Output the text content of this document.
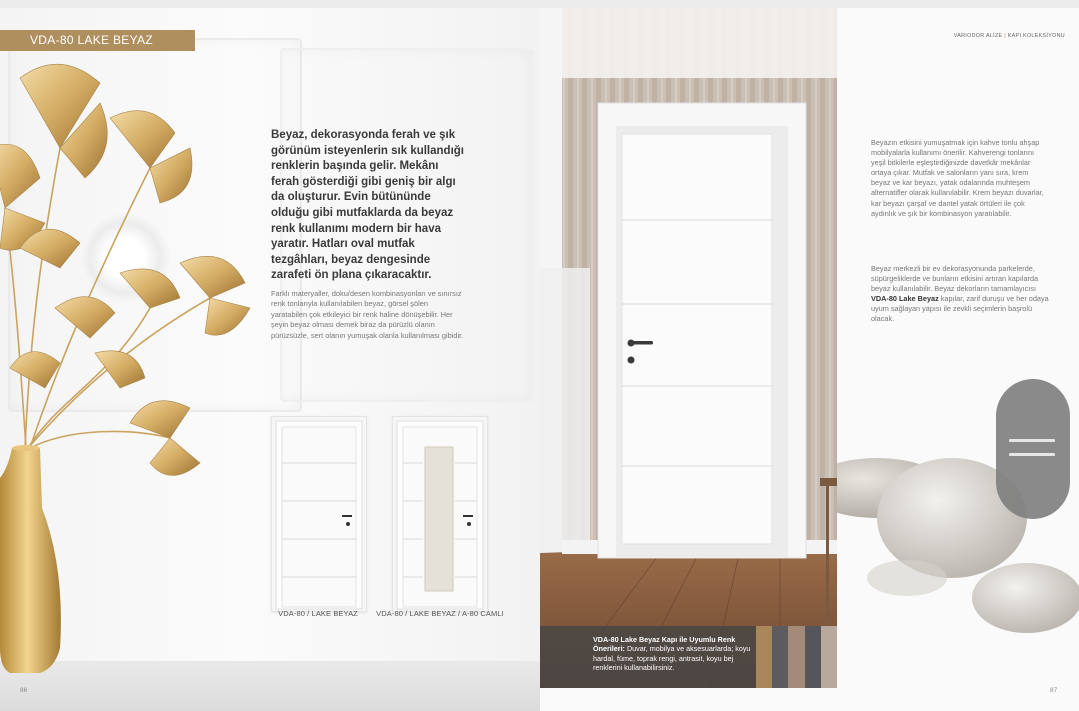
VDA-80 LAKE BEYAZ

Beyaz, dekorasyonda ferah ve şık görünüm isteyenlerin sık kullandığı renklerin başında gelir. Mekânı ferah gösterdiği gibi geniş bir algı da oluşturur. Evin bütününde olduğu gibi mutfaklarda da beyaz renk kullanımı modern bir hava yaratır. Hatları oval mutfak tezgâhları, beyaz dengesinde zarafeti ön plana çıkaracaktır.

Farklı materyaller, doku/desen kombinasyonları ve sınırsız renk tonlarıyla kullanılabilen beyaz, görsel şölen yaratabilen çok etkileyici bir renk haline dönüşebilir. Her şeyin beyaz olması demek biraz da pürüzlü olanın pürüzsüzle, sert olanın yumuşak olanla kullanılması gibidir.

VDA-80 / LAKE BEYAZ	VDA-80 / LAKE BEYAZ / A-80 CAMLI
86
VDA-80 Lake Beyaz Kapı ile Uyumlu Renk Önerileri: Duvar, mobilya ve aksesuarlarda; koyu hardal, füme, toprak rengi, antrasit, koyu bej renklerini kullanabilirsiniz.
VARIODOR ALİZE | KAPI KOLEKSİYONU

Beyazın etkisini yumuşatmak için kahve tonlu ahşap mobilyalarla kullanımı önerilir. Kahverengi tonlarını yeşil bitkilerle eşleştirdiğinizde davetkâr mekânlar ortaya çıkar. Mutfak ve salonların yanı sıra, krem beyaz ve kar beyazı, yatak odalarında muhteşem alternatifler olarak kullanılabilir. Krem beyazı duvarlar, kar beyazı çarşaf ve dantel yatak örtüleri ile çok aydınlık ve şık bir kombinasyon yaratılabilir.

Beyaz merkezli bir ev dekorasyonunda parkelerde, süpürgeliklerde ve bunların etkisini artıran kapılarda beyaz kullanılabilir. Beyaz dekorların tamamlayıcısı VDA-80 Lake Beyaz kapılar, zarif duruşu ve her odaya uyum sağlayan yapısı ile zevkli seçimlerin başrolü olacak.

87
